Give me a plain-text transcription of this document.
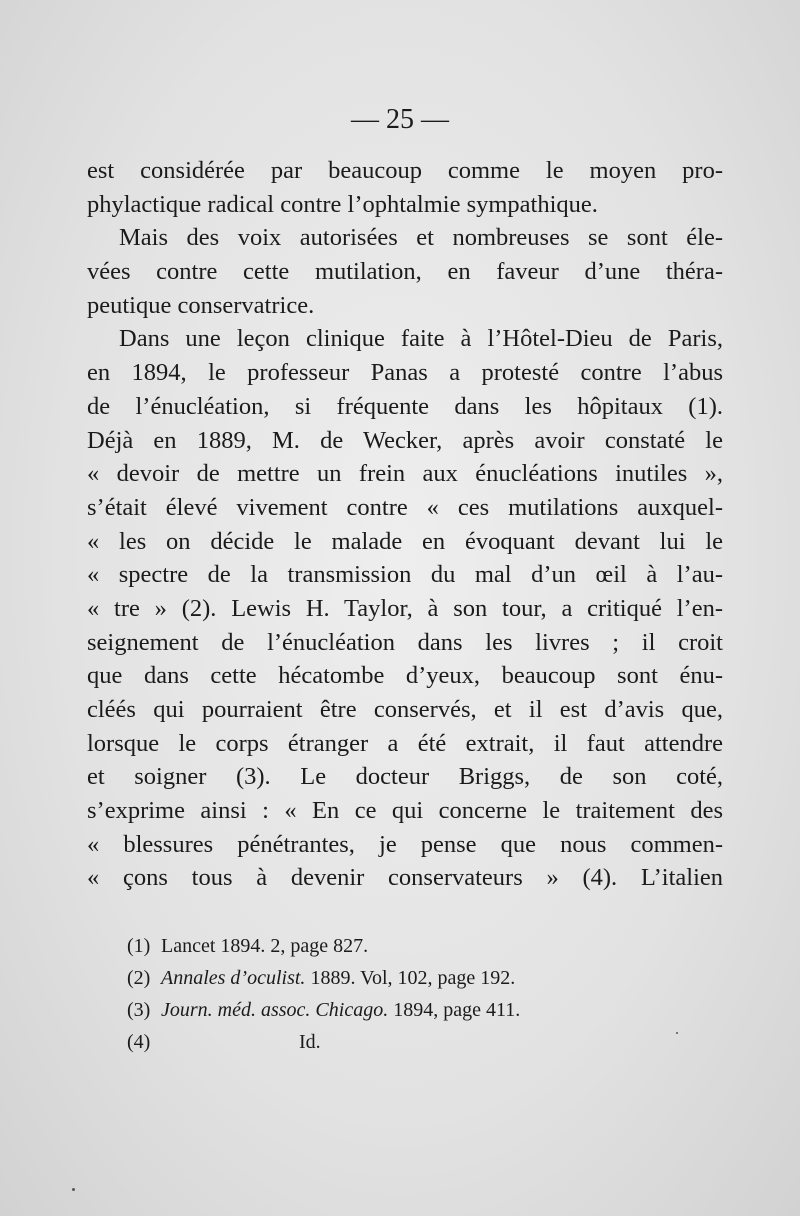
— 25 —
est considérée par beaucoup comme le moyen pro-
phylactique radical contre l’ophtalmie sympathique.
Mais des voix autorisées et nombreuses se sont éle-
vées contre cette mutilation, en faveur d’une théra-
peutique conservatrice.
Dans une leçon clinique faite à l’Hôtel-Dieu de Paris,
en 1894, le professeur Panas a protesté contre l’abus
de l’énucléation, si fréquente dans les hôpitaux (1).
Déjà en 1889, M. de Wecker, après avoir constaté le
« devoir de mettre un frein aux énucléations inutiles »,
s’était élevé vivement contre « ces mutilations auxquel-
« les on décide le malade en évoquant devant lui le
« spectre de la transmission du mal d’un œil à l’au-
« tre » (2). Lewis H. Taylor, à son tour, a critiqué l’en-
seignement de l’énucléation dans les livres ; il croit
que dans cette hécatombe d’yeux, beaucoup sont énu-
cléés qui pourraient être conservés, et il est d’avis que,
lorsque le corps étranger a été extrait, il faut attendre
et soigner (3). Le docteur Briggs, de son coté,
s’exprime ainsi : « En ce qui concerne le traitement des
« blessures pénétrantes, je pense que nous commen-
« çons tous à devenir conservateurs » (4). L’italien
(1) Lancet 1894. 2, page 827.
(2) Annales d’oculist. 1889. Vol, 102, page 192.
(3) Journ. méd. assoc. Chicago. 1894, page 411.
(4)	Id.
